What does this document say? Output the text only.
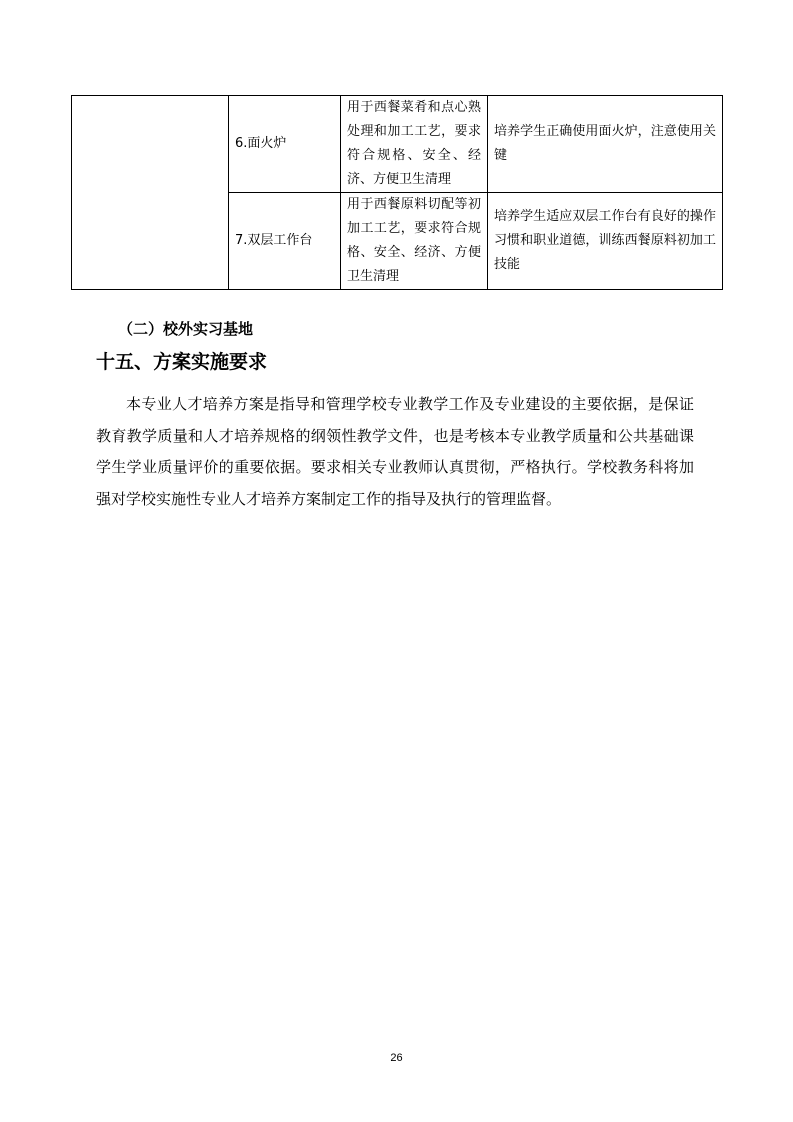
	6.面火炉	用于西餐菜肴和点心熟处理和加工工艺，要求符合规格、安全、经济、方便卫生清理	培养学生正确使用面火炉，注意使用关键
	7.双层工作台	用于西餐原料切配等初加工工艺，要求符合规格、安全、经济、方便卫生清理	培养学生适应双层工作台有良好的操作习惯和职业道德，训练西餐原料初加工技能
（二）校外实习基地
十五、方案实施要求

本专业人才培养方案是指导和管理学校专业教学工作及专业建设的主要依据，是保证教育教学质量和人才培养规格的纲领性教学文件，也是考核本专业教学质量和公共基础课学生学业质量评价的重要依据。要求相关专业教师认真贯彻，严格执行。学校教务科将加强对学校实施性专业人才培养方案制定工作的指导及执行的管理监督。

26
